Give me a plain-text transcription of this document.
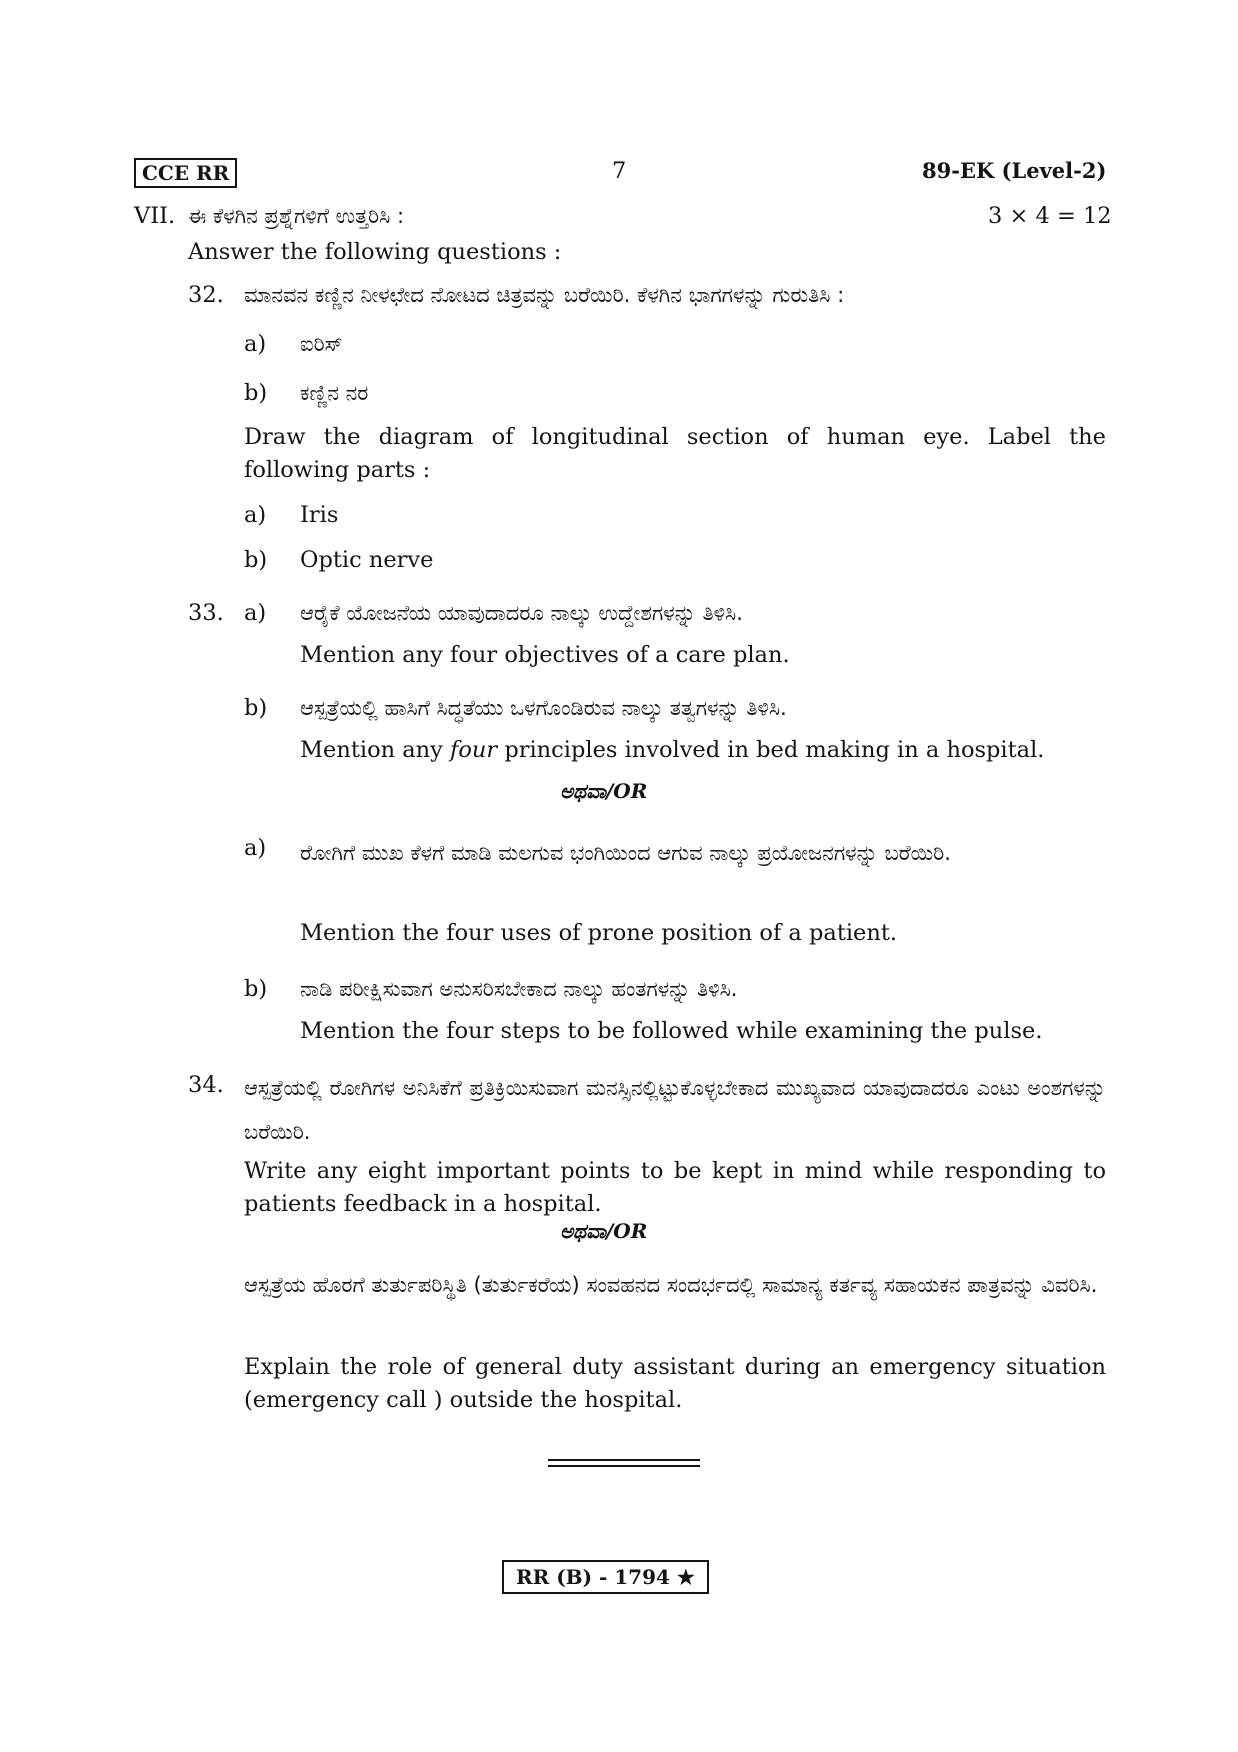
CCE RR	7	89-EK (Level-2)
VII. ಈ ಕೆಳಗಿನ ಪ್ರಶ್ನೆಗಳಿಗೆ ಉತ್ತರಿಸಿ :	3 × 4 = 12
Answer the following questions :
32. ಮಾನವನ ಕಣ್ಣಿನ ನೀಳಛೇದ ನೋಟದ ಚಿತ್ರವನ್ನು ಬರೆಯಿರಿ. ಕೆಳಗಿನ ಭಾಗಗಳನ್ನು ಗುರುತಿಸಿ :
a) ಐರಿಸ್
b) ಕಣ್ಣಿನ ನರ
Draw the diagram of longitudinal section of human eye. Label the following parts :
a) Iris
b) Optic nerve
33. a) ಆರೈಕೆ ಯೋಜನೆಯ ಯಾವುದಾದರೂ ನಾಲ್ಕು ಉದ್ದೇಶಗಳನ್ನು ತಿಳಿಸಿ.
Mention any four objectives of a care plan.
b) ಆಸ್ಪತ್ರೆಯಲ್ಲಿ ಹಾಸಿಗೆ ಸಿದ್ಧತೆಯು ಒಳಗೊಂಡಿರುವ ನಾಲ್ಕು ತತ್ವಗಳನ್ನು ತಿಳಿಸಿ.
Mention any four principles involved in bed making in a hospital.
ಅಥವಾ/OR
a) ರೋಗಿಗೆ ಮುಖ ಕೆಳಗೆ ಮಾಡಿ ಮಲಗುವ ಭಂಗಿಯಿಂದ ಆಗುವ ನಾಲ್ಕು ಪ್ರಯೋಜನಗಳನ್ನು ಬರೆಯಿರಿ.
Mention the four uses of prone position of a patient.
b) ನಾಡಿ ಪರೀಕ್ಷಿಸುವಾಗ ಅನುಸರಿಸಬೇಕಾದ ನಾಲ್ಕು ಹಂತಗಳನ್ನು ತಿಳಿಸಿ.
Mention the four steps to be followed while examining the pulse.
34. ಆಸ್ಪತ್ರೆಯಲ್ಲಿ ರೋಗಿಗಳ ಅನಿಸಿಕೆಗೆ ಪ್ರತಿಕ್ರಿಯಿಸುವಾಗ ಮನಸ್ಸಿನಲ್ಲಿಟ್ಟುಕೊಳ್ಳಬೇಕಾದ ಮುಖ್ಯವಾದ ಯಾವುದಾದರೂ ಎಂಟು ಅಂಶಗಳನ್ನು ಬರೆಯಿರಿ.
Write any eight important points to be kept in mind while responding to patients feedback in a hospital.
ಅಥವಾ/OR
ಆಸ್ಪತ್ರೆಯ ಹೊರಗೆ ತುರ್ತುಪರಿಸ್ಥಿತಿ (ತುರ್ತುಕರೆಯ) ಸಂವಹನದ ಸಂದರ್ಭದಲ್ಲಿ ಸಾಮಾನ್ಯ ಕರ್ತವ್ಯ ಸಹಾಯಕನ ಪಾತ್ರವನ್ನು ವಿವರಿಸಿ.
Explain the role of general duty assistant during an emergency situation (emergency call ) outside the hospital.
RR (B) - 1794 ★
